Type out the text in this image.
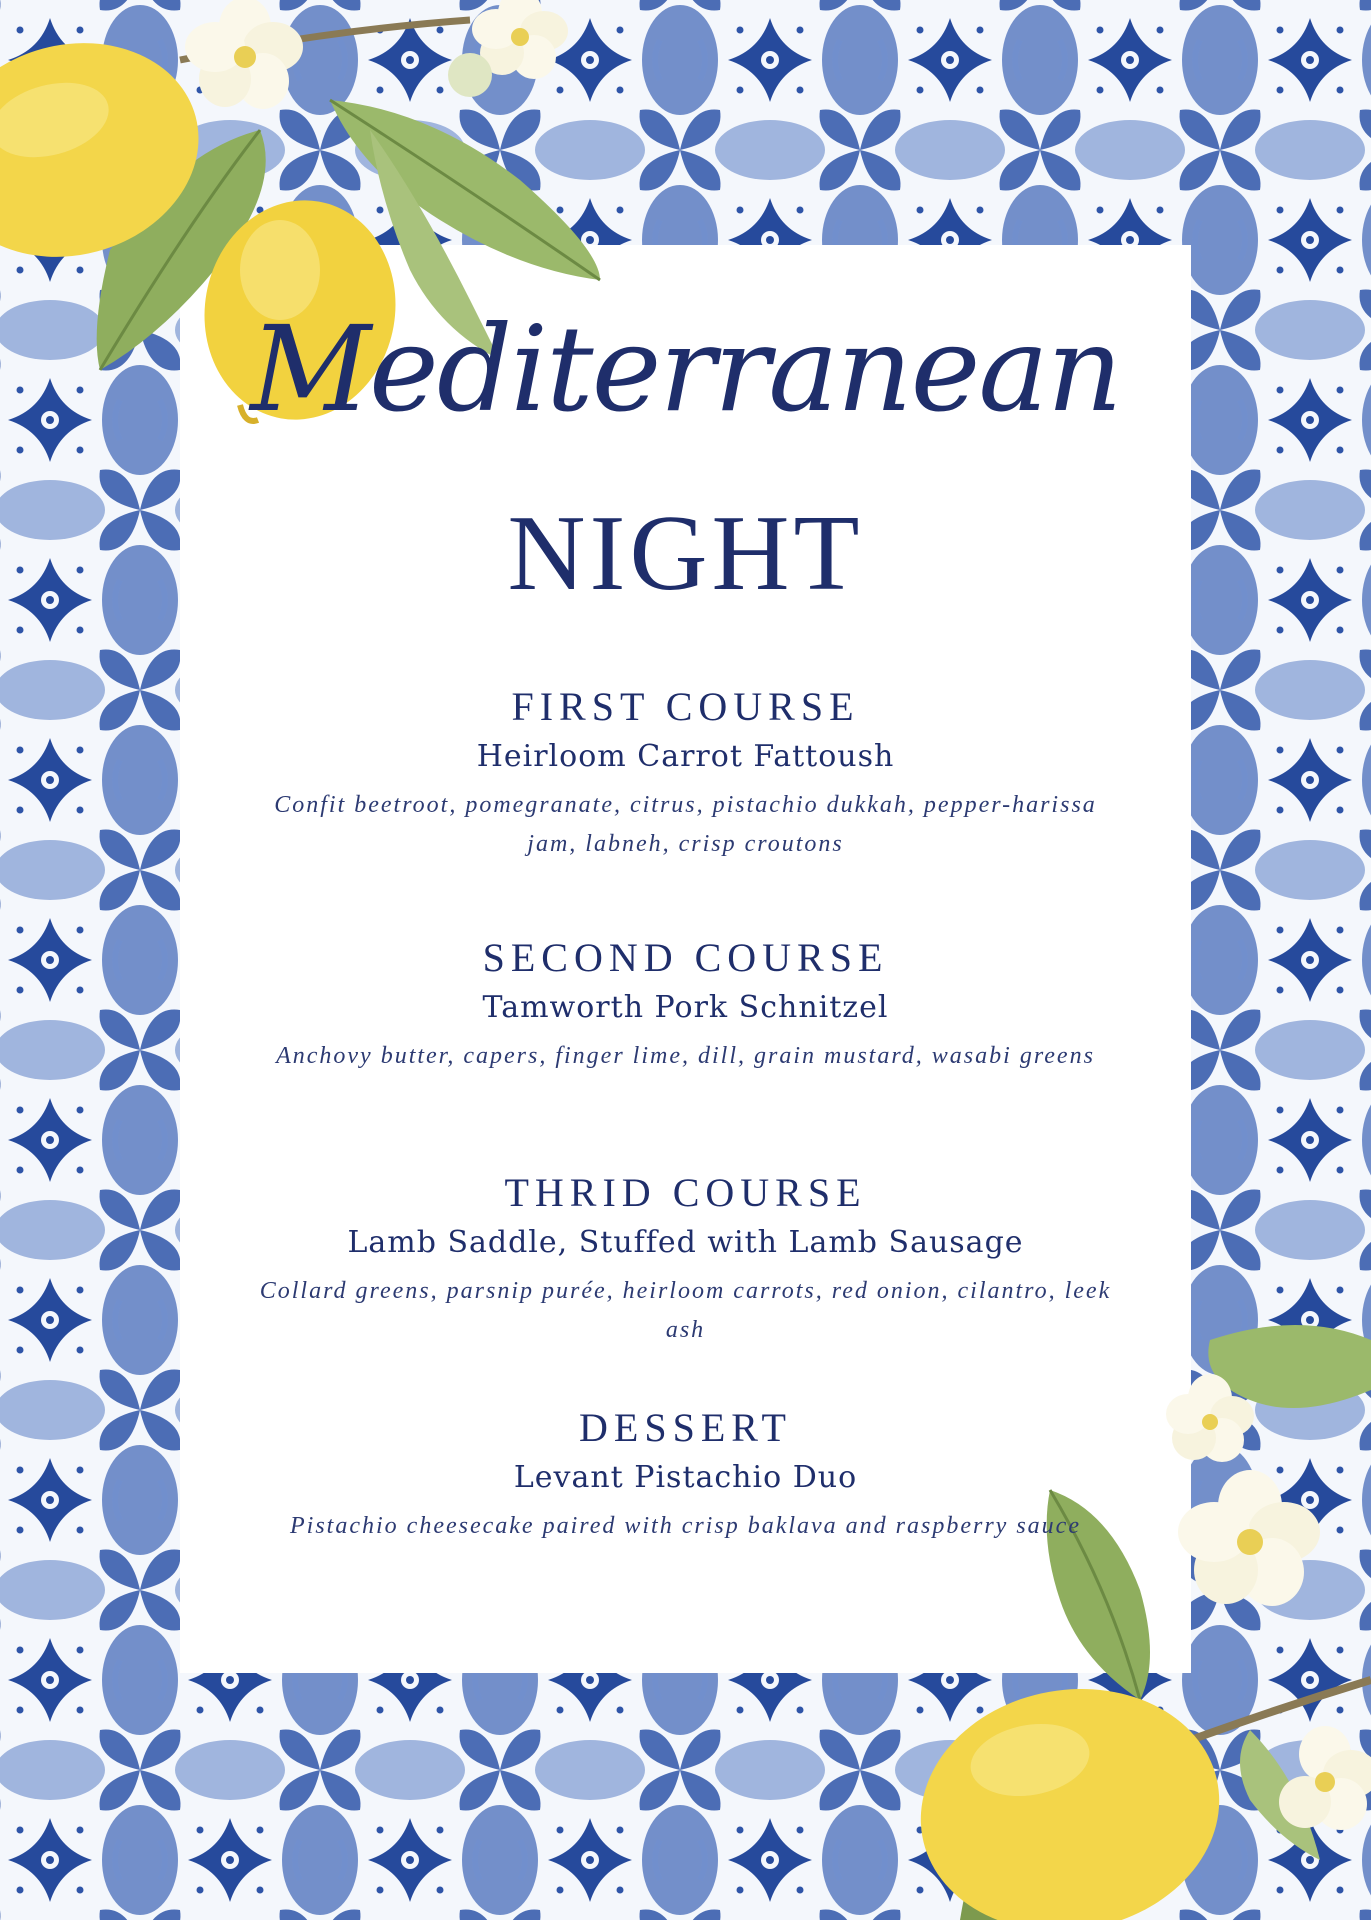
Mediterranean
NIGHT

FIRST COURSE

Heirloom Carrot Fattoush

Confit beetroot, pomegranate, citrus, pistachio dukkah, pepper-harissa jam, labneh, crisp croutons

SECOND COURSE

Tamworth Pork Schnitzel

Anchovy butter, capers, finger lime, dill, grain mustard, wasabi greens

THRID COURSE

Lamb Saddle, Stuffed with Lamb Sausage

Collard greens, parsnip purée, heirloom carrots, red onion, cilantro, leek ash

DESSERT

Levant Pistachio Duo

Pistachio cheesecake paired with crisp baklava and raspberry sauce
